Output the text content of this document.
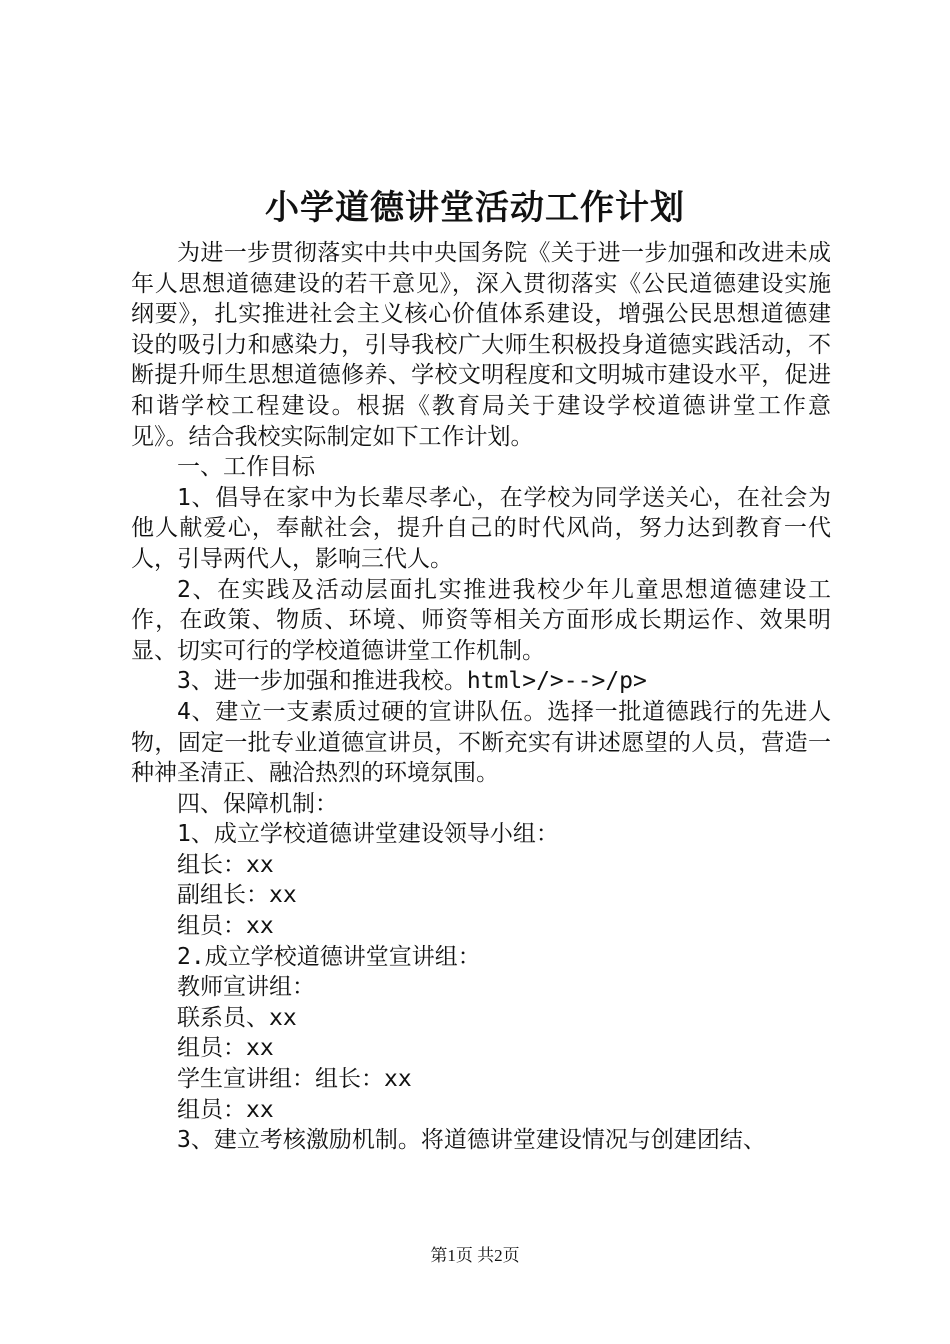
小学道德讲堂活动工作计划

为进一步贯彻落实中共中央国务院《关于进一步加强和改进未成年人思想道德建设的若干意见》，深入贯彻落实《公民道德建设实施纲要》，扎实推进社会主义核心价值体系建设，增强公民思想道德建设的吸引力和感染力，引导我校广大师生积极投身道德实践活动，不断提升师生思想道德修养、学校文明程度和文明城市建设水平，促进和谐学校工程建设。根据《教育局关于建设学校道德讲堂工作意见》。结合我校实际制定如下工作计划。

一、工作目标

1、倡导在家中为长辈尽孝心，在学校为同学送关心，在社会为他人献爱心，奉献社会，提升自己的时代风尚，努力达到教育一代人，引导两代人，影响三代人。

2、在实践及活动层面扎实推进我校少年儿童思想道德建设工作，在政策、物质、环境、师资等相关方面形成长期运作、效果明显、切实可行的学校道德讲堂工作机制。

3、进一步加强和推进我校。html>/>-->/p>

4、建立一支素质过硬的宣讲队伍。选择一批道德践行的先进人物，固定一批专业道德宣讲员，不断充实有讲述愿望的人员，营造一种神圣清正、融洽热烈的环境氛围。

四、保障机制：

1、成立学校道德讲堂建设领导小组：

组长：xx

副组长：xx

组员：xx

2.成立学校道德讲堂宣讲组：

教师宣讲组：

联系员、xx

组员：xx

学生宣讲组：组长：xx

组员：xx

3、建立考核激励机制。将道德讲堂建设情况与创建团结、

第1页 共2页
